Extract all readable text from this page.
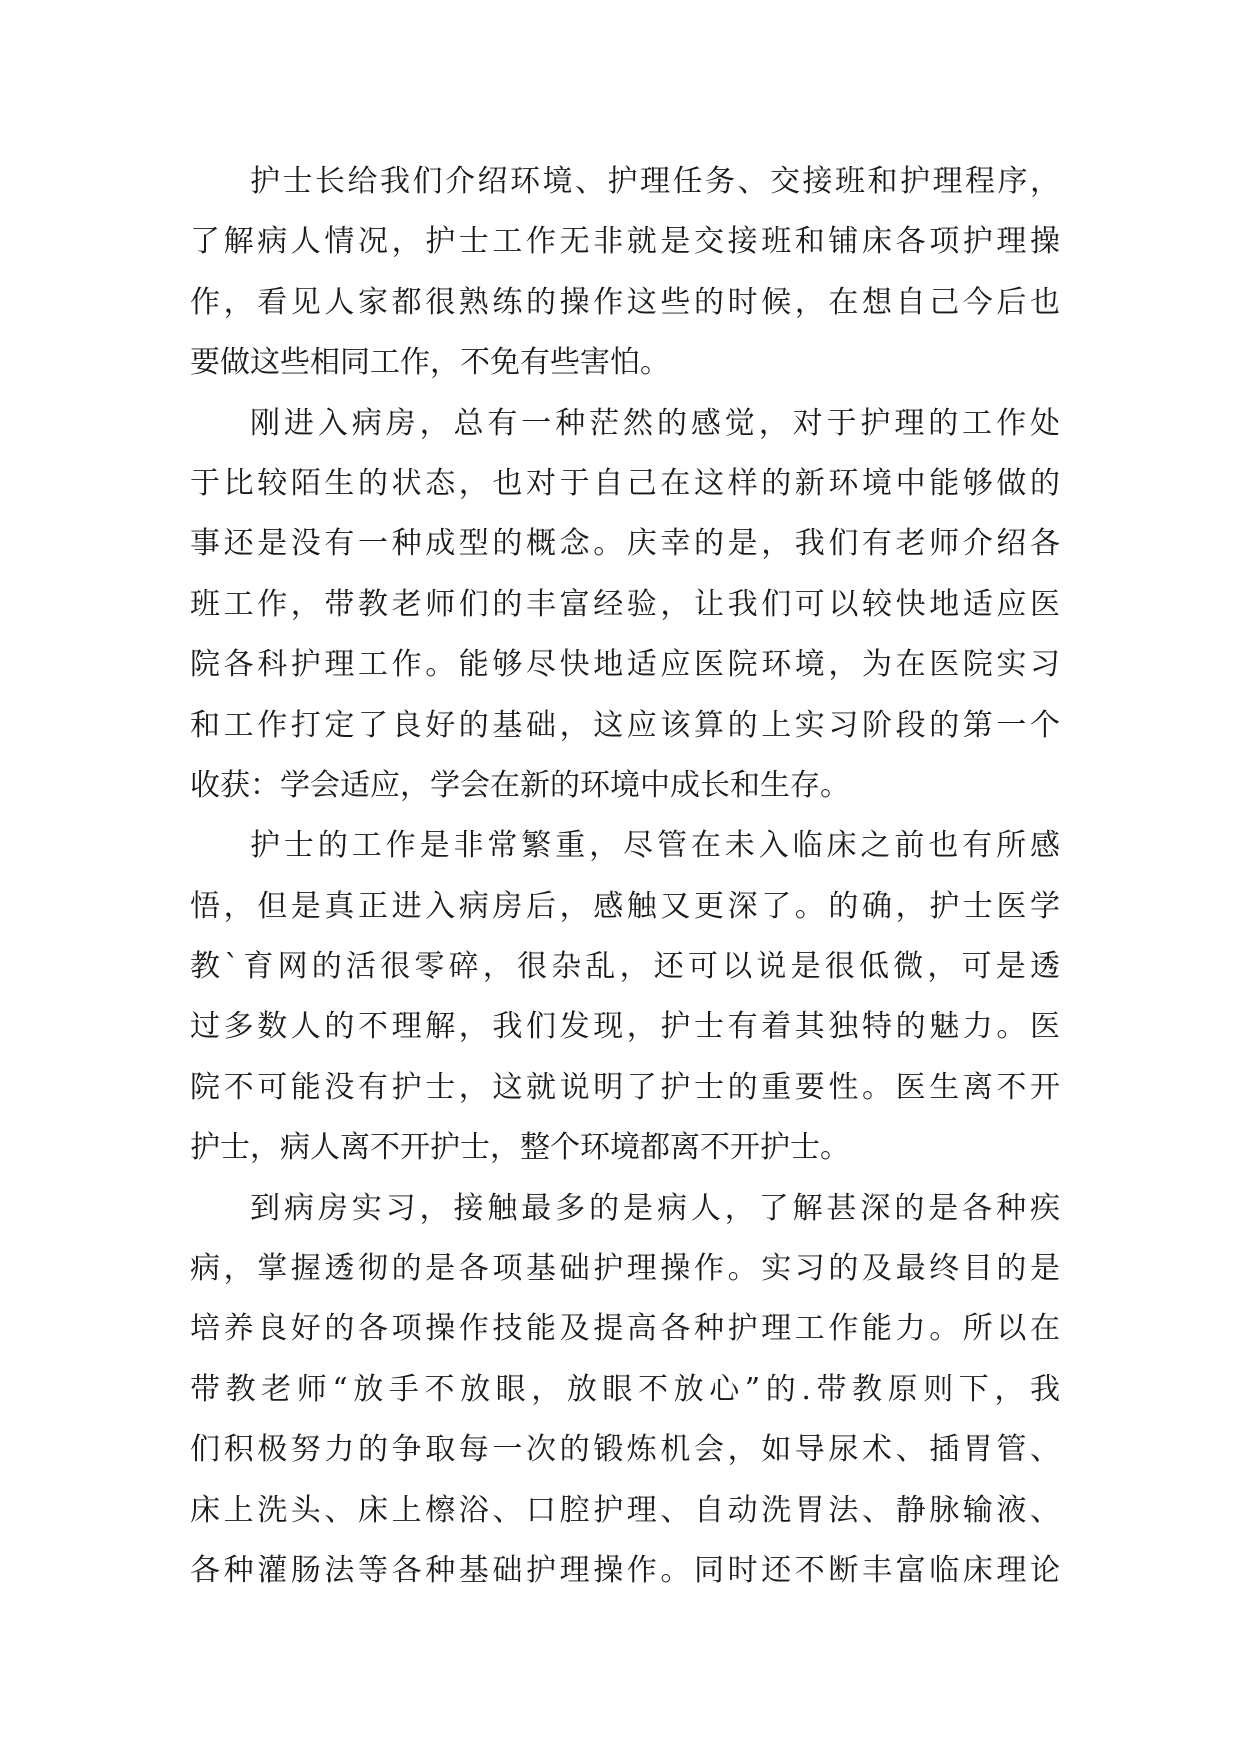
护士长给我们介绍环境、护理任务、交接班和护理程序，
了解病人情况，护士工作无非就是交接班和铺床各项护理操
作，看见人家都很熟练的操作这些的时候，在想自己今后也
要做这些相同工作，不免有些害怕。
刚进入病房，总有一种茫然的感觉，对于护理的工作处
于比较陌生的状态，也对于自己在这样的新环境中能够做的
事还是没有一种成型的概念。庆幸的是，我们有老师介绍各
班工作，带教老师们的丰富经验，让我们可以较快地适应医
院各科护理工作。能够尽快地适应医院环境，为在医院实习
和工作打定了良好的基础，这应该算的上实习阶段的第一个
收获：学会适应，学会在新的环境中成长和生存。
护士的工作是非常繁重，尽管在未入临床之前也有所感
悟，但是真正进入病房后，感触又更深了。的确，护士医学
教`育网的活很零碎，很杂乱，还可以说是很低微，可是透
过多数人的不理解，我们发现，护士有着其独特的魅力。医
院不可能没有护士，这就说明了护士的重要性。医生离不开
护士，病人离不开护士，整个环境都离不开护士。
到病房实习，接触最多的是病人，了解甚深的是各种疾
病，掌握透彻的是各项基础护理操作。实习的及最终目的是
培养良好的各项操作技能及提高各种护理工作能力。所以在
带教老师“放手不放眼，放眼不放心”的.带教原则下，我
们积极努力的争取每一次的锻炼机会，如导尿术、插胃管、
床上洗头、床上檫浴、口腔护理、自动洗胃法、静脉输液、
各种灌肠法等各种基础护理操作。同时还不断丰富临床理论
